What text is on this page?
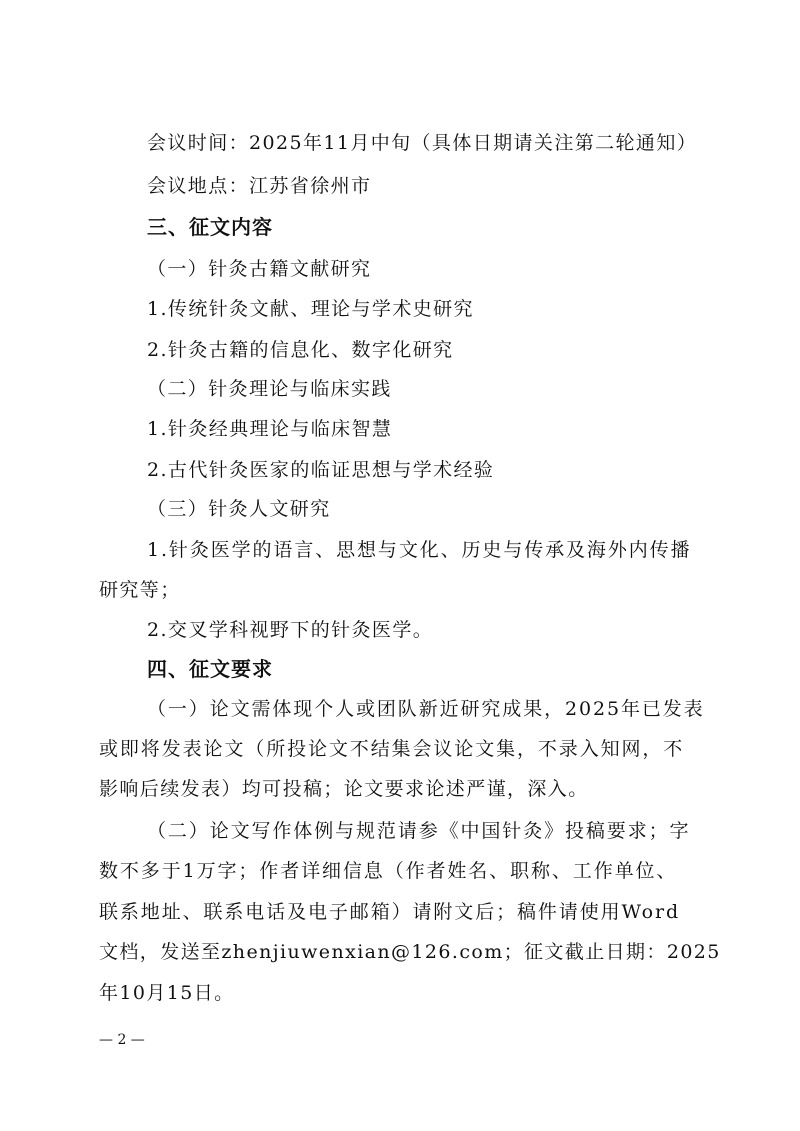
会议时间：2025年11月中旬（具体日期请关注第二轮通知）
会议地点：江苏省徐州市
三、征文内容
（一）针灸古籍文献研究
1.传统针灸文献、理论与学术史研究
2.针灸古籍的信息化、数字化研究
（二）针灸理论与临床实践
1.针灸经典理论与临床智慧
2.古代针灸医家的临证思想与学术经验
（三）针灸人文研究
1.针灸医学的语言、思想与文化、历史与传承及海外内传播
研究等；
2.交叉学科视野下的针灸医学。
四、征文要求
（一）论文需体现个人或团队新近研究成果，2025年已发表
或即将发表论文（所投论文不结集会议论文集，不录入知网，不
影响后续发表）均可投稿；论文要求论述严谨，深入。
（二）论文写作体例与规范请参《中国针灸》投稿要求；字
数不多于1万字；作者详细信息（作者姓名、职称、工作单位、
联系地址、联系电话及电子邮箱）请附文后；稿件请使用Word
文档，发送至zhenjiuwenxian@126.com；征文截止日期：2025
年10月15日。
— 2 —
